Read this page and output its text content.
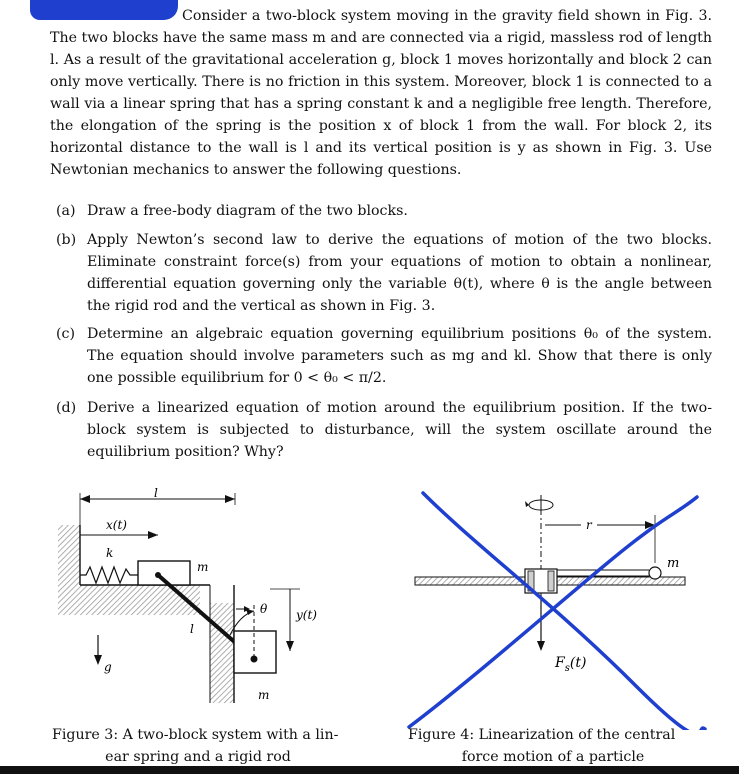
Consider a two-block system moving in the gravity field shown in Fig. 3. The two blocks have the same mass m and are connected via a rigid, massless rod of length l. As a result of the gravitational acceleration g, block 1 moves horizontally and block 2 can only move vertically. There is no friction in this system. Moreover, block 1 is connected to a wall via a linear spring that has a spring constant k and a negligible free length. Therefore, the elongation of the spring is the position x of block 1 from the wall. For block 2, its horizontal distance to the wall is l and its vertical position is y as shown in Fig. 3. Use Newtonian mechanics to answer the following questions.
(a) Draw a free-body diagram of the two blocks.
(b) Apply Newton’s second law to derive the equations of motion of the two blocks. Eliminate constraint force(s) from your equations of motion to obtain a nonlinear, differential equation governing only the variable θ(t), where θ is the angle between the rigid rod and the vertical as shown in Fig. 3.
(c) Determine an algebraic equation governing equilibrium positions θ₀ of the system. The equation should involve parameters such as mg and kl. Show that there is only one possible equilibrium for 0 < θ₀ < π/2.
(d) Derive a linearized equation of motion around the equilibrium position. If the two-block system is subjected to disturbance, will the system oscillate around the equilibrium position? Why?
l
x(t)
k
m
m
θ y(t)
l
g
Figure 3: A two-block system with a lin-
ear spring and a rigid rod
r
m
$F_s(t)$
Figure 4: Linearization of the central
force motion of a particle
